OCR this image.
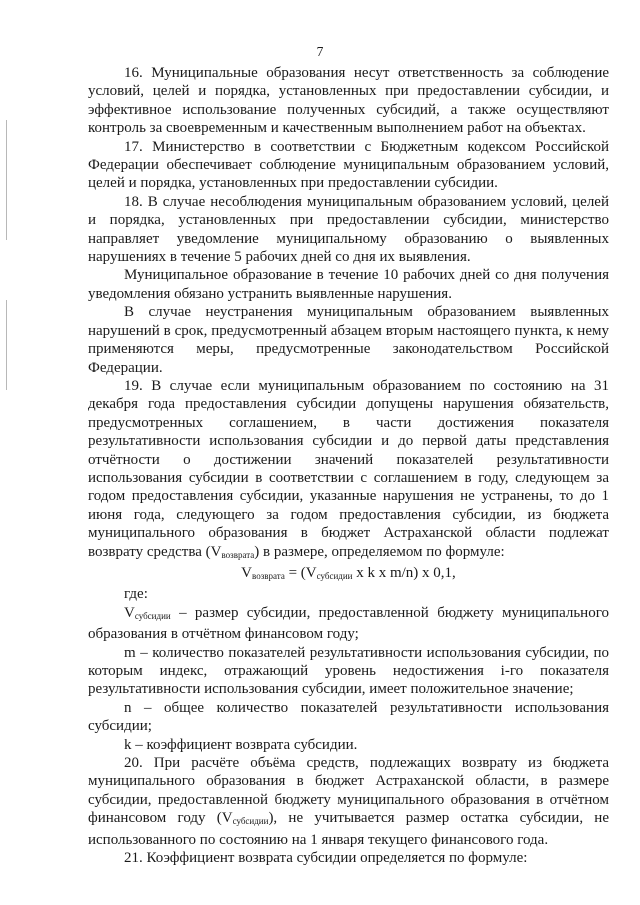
7

16. Муниципальные образования несут ответственность за соблюдение условий, целей и порядка, установленных при предоставлении субсидии, и эффективное использование полученных субсидий, а также осуществляют контроль за своевременным и качественным выполнением работ на объектах.

17. Министерство в соответствии с Бюджетным кодексом Российской Федерации обеспечивает соблюдение муниципальным образованием условий, целей и порядка, установленных при предоставлении субсидии.

18. В случае несоблюдения муниципальным образованием условий, целей и порядка, установленных при предоставлении субсидии, министерство направляет уведомление муниципальному образованию о выявленных нарушениях в течение 5 рабочих дней со дня их выявления.

Муниципальное образование в течение 10 рабочих дней со дня получения уведомления обязано устранить выявленные нарушения.

В случае неустранения муниципальным образованием выявленных нарушений в срок, предусмотренный абзацем вторым настоящего пункта, к нему применяются меры, предусмотренные законодательством Российской Федерации.

19. В случае если муниципальным образованием по состоянию на 31 декабря года предоставления субсидии допущены нарушения обязательств, предусмотренных соглашением, в части достижения показателя результативности использования субсидии и до первой даты представления отчётности о достижении значений показателей результативности использования субсидии в соответствии с соглашением в году, следующем за годом предоставления субсидии, указанные нарушения не устранены, то до 1 июня года, следующего за годом предоставления субсидии, из бюджета муниципального образования в бюджет Астраханской области подлежат возврату средства $(V_{возврата})$ в размере, определяемом по формуле:

$V_{возврата} = (V_{субсидии}$ x k x m/n) x 0,1,

где:

$V_{субсидии}$ – размер субсидии, предоставленной бюджету муниципального образования в отчётном финансовом году;

m – количество показателей результативности использования субсидии, по которым индекс, отражающий уровень недостижения i-го показателя результативности использования субсидии, имеет положительное значение;

n – общее количество показателей результативности использования субсидии;

k – коэффициент возврата субсидии.

20. При расчёте объёма средств, подлежащих возврату из бюджета муниципального образования в бюджет Астраханской области, в размере субсидии, предоставленной бюджету муниципального образования в отчётном финансовом году $(V_{субсидии})$, не учитывается размер остатка субсидии, не использованного по состоянию на 1 января текущего финансового года.

21. Коэффициент возврата субсидии определяется по формуле:
